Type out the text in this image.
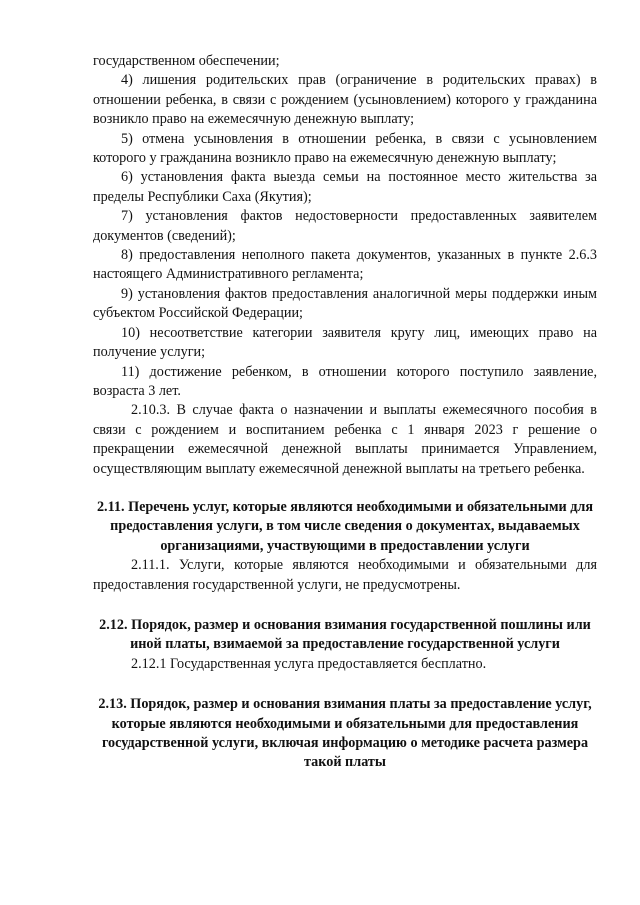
государственном обеспечении;

4) лишения родительских прав (ограничение в родительских правах) в отношении ребенка, в связи с рождением (усыновлением) которого у гражданина возникло право на ежемесячную денежную выплату;

5) отмена усыновления в отношении ребенка, в связи с усыновлением которого у гражданина возникло право на ежемесячную денежную выплату;

6) установления факта выезда семьи на постоянное место жительства за пределы Республики Саха (Якутия);

7) установления фактов недостоверности предоставленных заявителем документов (сведений);

8) предоставления неполного пакета документов, указанных в пункте 2.6.3 настоящего Административного регламента;

9) установления фактов предоставления аналогичной меры поддержки иным субъектом Российской Федерации;

10) несоответствие категории заявителя кругу лиц, имеющих право на получение услуги;

11) достижение ребенком, в отношении которого поступило заявление, возраста 3 лет.

2.10.3. В случае факта о назначении и выплаты ежемесячного пособия в связи с рождением и воспитанием ребенка с 1 января 2023 г решение о прекращении ежемесячной денежной выплаты принимается Управлением, осуществляющим выплату ежемесячной денежной выплаты на третьего ребенка.

2.11. Перечень услуг, которые являются необходимыми и обязательными для предоставления услуги, в том числе сведения о документах, выдаваемых организациями, участвующими в предоставлении услуги

2.11.1. Услуги, которые являются необходимыми и обязательными для предоставления государственной услуги, не предусмотрены.

2.12. Порядок, размер и основания взимания государственной пошлины или иной платы, взимаемой за предоставление государственной услуги

2.12.1 Государственная услуга предоставляется бесплатно.

2.13. Порядок, размер и основания взимания платы за предоставление услуг, которые являются необходимыми и обязательными для предоставления государственной услуги, включая информацию о методике расчета размера такой платы
